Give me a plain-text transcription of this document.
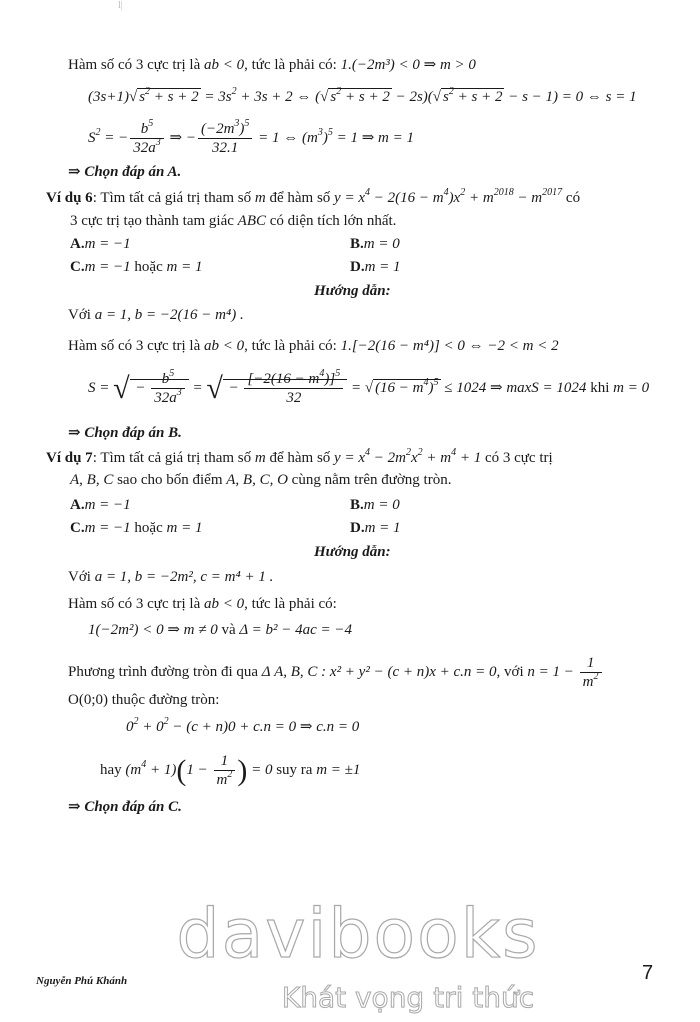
l|
Hàm số có 3 cực trị là ab < 0, tức là phải có: 1.(−2m³) < 0 ⇒ m > 0
(3s+1)√ $s^2 + s + 2 = 3s^2 + 3s + 2$ ⇔ (√ $s^2 + s + 2 - 2s)(√$ $s^2 + s + 2 - s - 1) = 0$ ⇔ s = 1
$S^2$ = − $\frac{b^5}{32a^3}$ ⇒ − $\frac{(-2m^3)^5}{32.1} = 1$ ⇔ $(m^3)^5 = 1$ ⇒ m = 1
⇒ Chọn đáp án A.
Ví dụ 6: Tìm tất cả giá trị tham số m để hàm số $y = x^4 - 2(16 - m^4)x^2 + m^{2018} - m^{2017}$ có
3 cực trị tạo thành tam giác ABC có diện tích lớn nhất.
A.m = −1	B.m = 0
C.m = −1 hoặc m = 1	D.m = 1
Hướng dẫn:
Với a = 1, b = −2(16 − m⁴) .
Hàm số có 3 cực trị là ab < 0, tức là phải có: 1.[−2(16 − m⁴)] < 0 ⇔ −2 < m < 2
S = √ − $\frac{b^5}{32a^3}$ = √ − $\frac{[-2(16 - m^4)]^5}{32}$ = √ $(16 - m^4)^5 \le 1024$ ⇒ maxS = 1024 khi m = 0
⇒ Chọn đáp án B.
Ví dụ 7: Tìm tất cả giá trị tham số m để hàm số $y = x^4 - 2m^2x^2 + m^4 + 1$ có 3 cực trị
A, B, C sao cho bốn điểm A, B, C, O cùng nằm trên đường tròn.
A.m = −1	B.m = 0
C.m = −1 hoặc m = 1	D.m = 1
Hướng dẫn:
Với a = 1, b = −2m², c = m⁴ + 1 .
Hàm số có 3 cực trị là ab < 0, tức là phải có:
1(−2m²) < 0 ⇒ m ≠ 0 và Δ = b² − 4ac = −4
Phương trình đường tròn đi qua Δ A, B, C : x² + y² − (c + n)x + c.n = 0, với $n = 1 - \frac{1}{m^2}$
O(0;0) thuộc đường tròn:
$0^2 + 0^2 - (c + n)0 + c.n = 0$ ⇒ c.n = 0
hay $(m^4 + 1)(1 - \frac{1}{m^2}$ ) = 0 suy ra m = ±1
⇒ Chọn đáp án C.
davibooks
Khát vọng tri thức
Nguyễn Phú Khánh	7
